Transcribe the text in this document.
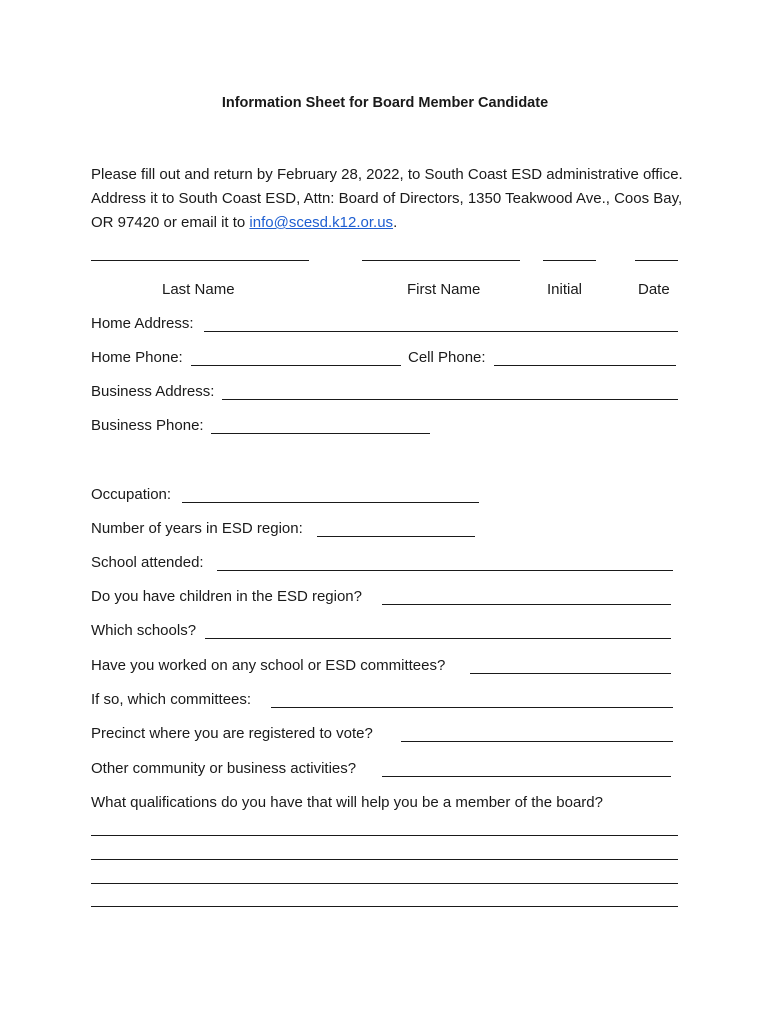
Information Sheet for Board Member Candidate
Please fill out and return by February 28, 2022, to South Coast ESD administrative office. Address it to South Coast ESD, Attn: Board of Directors, 1350 Teakwood Ave., Coos Bay, OR 97420 or email it to info@scesd.k12.or.us.
Last Name	First Name	Initial	Date
Home Address:
Home Phone:	Cell Phone:
Business Address:
Business Phone:
Occupation:
Number of years in ESD region:
School attended:
Do you have children in the ESD region?
Which schools?
Have you worked on any school or ESD committees?
If so, which committees:
Precinct where you are registered to vote?
Other community or business activities?
What qualifications do you have that will help you be a member of the board?
